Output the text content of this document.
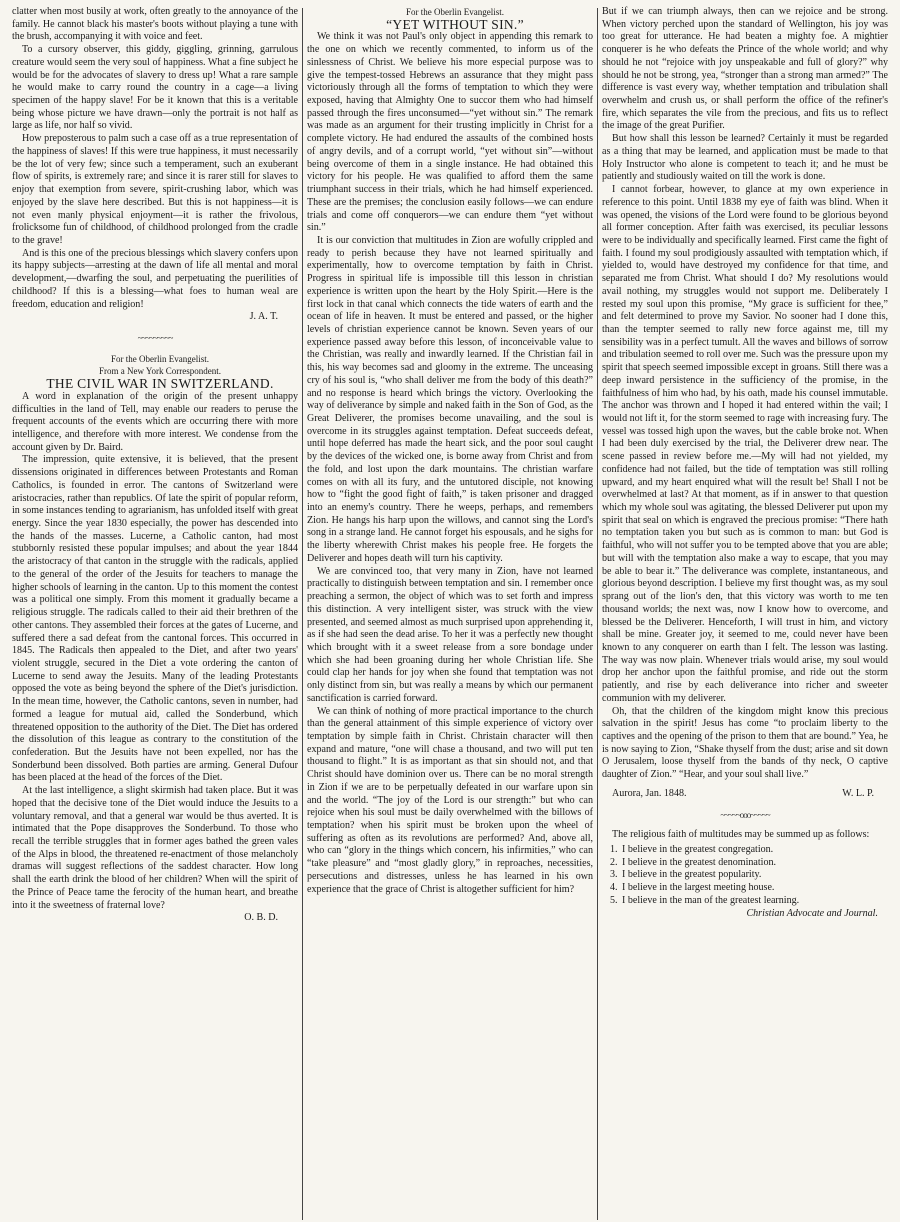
clatter when most busily at work, often greatly to the annoyance of the family. He cannot black his master's boots without playing a tune with the brush, accompanying it with voice and feet.

To a cursory observer, this giddy, giggling, grinning, garrulous creature would seem the very soul of happiness. What a fine subject he would be for the advocates of slavery to dress up! What a rare sample he would make to carry round the country in a cage—a living specimen of the happy slave! For be it known that this is a veritable being whose picture we have drawn—only the portrait is not half as large as life, nor half so vivid.

How preposterous to palm such a case off as a true representation of the happiness of slaves! If this were true happiness, it must necessarily be the lot of very few; since such a temperament, such an exuberant flow of spirits, is extremely rare; and since it is rarer still for slaves to enjoy that exemption from severe, spirit-crushing labor, which was enjoyed by the slave here described. But this is not happiness—it is not even manly physical enjoyment—it is rather the frivolous, frolicksome fun of childhood, of childhood prolonged from the cradle to the grave!

And is this one of the precious blessings which slavery confers upon its happy subjects—arresting at the dawn of life all mental and moral development,—dwarfing the soul, and perpetuating the puerilities of childhood? If this is a blessing—what foes to human weal are freedom, education and religion!

J. A. T.

~~~~~~~~~

For the Oberlin Evangelist.

From a New York Correspondent.

THE CIVIL WAR IN SWITZERLAND.

A word in explanation of the origin of the present unhappy difficulties in the land of Tell, may enable our readers to peruse the frequent accounts of the events which are occurring there with more intelligence, and therefore with more interest. We condense from the account given by Dr. Baird.

The impression, quite extensive, it is believed, that the present dissensions originated in differences between Protestants and Roman Catholics, is founded in error. The cantons of Switzerland were aristocracies, rather than republics. Of late the spirit of popular reform, in some instances tending to agrarianism, has unfolded itself with great energy. Since the year 1830 especially, the power has descended into the hands of the masses. Lucerne, a Catholic canton, had most stubbornly resisted these popular impulses; and about the year 1844 the aristocracy of that canton in the struggle with the radicals, applied to the general of the order of the Jesuits for teachers to manage the higher schools of learning in the canton. Up to this moment the contest was a political one simply. From this moment it gradually became a religious struggle. The radicals called to their aid their brethren of the other cantons. They assembled their forces at the gates of Lucerne, and suffered there a sad defeat from the cantonal forces. This occurred in 1845. The Radicals then appealed to the Diet, and after two years' violent struggle, secured in the Diet a vote ordering the canton of Lucerne to send away the Jesuits. Many of the leading Protestants opposed the vote as being beyond the sphere of the Diet's jurisdiction. In the mean time, however, the Catholic cantons, seven in number, had formed a league for mutual aid, called the Sonderbund, which threatened opposition to the authority of the Diet. The Diet has ordered the dissolution of this league as contrary to the constitution of the confederation. But the Jesuits have not been expelled, nor has the Sonderbund been dissolved. Both parties are arming. General Dufour has been placed at the head of the forces of the Diet.

At the last intelligence, a slight skirmish had taken place. But it was hoped that the decisive tone of the Diet would induce the Jesuits to a voluntary removal, and that a general war would be thus averted. It is intimated that the Pope disapproves the Sonderbund. To those who recall the terrible struggles that in former ages bathed the green vales of the Alps in blood, the threatened re-enactment of those melancholy dramas will suggest reflections of the saddest character. How long shall the earth drink the blood of her children? When will the spirit of the Prince of Peace tame the ferocity of the human heart, and breathe into it the sweetness of fraternal love?

O. B. D.

For the Oberlin Evangelist.

“YET WITHOUT SIN.”

We think it was not Paul's only object in appending this remark to the one on which we recently commented, to inform us of the sinlessness of Christ. We believe his more especial purpose was to give the tempest-tossed Hebrews an assurance that they might pass victoriously through all the forms of temptation to which they were exposed, having that Almighty One to succor them who had himself passed through the fires unconsumed—“yet without sin.” The remark was made as an argument for their trusting implicitly in Christ for a complete victory. He had endured the assaults of the combined hosts of angry devils, and of a corrupt world, “yet without sin”—without being overcome of them in a single instance. He had obtained this victory for his people. He was qualified to afford them the same triumphant success in their trials, which he had himself experienced. These are the premises; the conclusion easily follows—we can endure trials and come off conquerors—we can endure them “yet without sin.”

It is our conviction that multitudes in Zion are wofully crippled and ready to perish because they have not learned spiritually and experimentally, how to overcome temptation by faith in Christ. Progress in spiritual life is impossible till this lesson in christian experience is written upon the heart by the Holy Spirit.—Here is the first lock in that canal which connects the tide waters of earth and the ocean of life in heaven. It must be entered and passed, or the higher levels of christian experience cannot be known. Seven years of our experience passed away before this lesson, of inconceivable value to the Christian, was really and inwardly learned. If the Christian fail in this, his way becomes sad and gloomy in the extreme. The unceasing cry of his soul is, “who shall deliver me from the body of this death?” and no response is heard which brings the victory. Overlooking the way of deliverance by simple and naked faith in the Son of God, as the Great Deliverer, the promises become unavailing, and the soul is overcome in its struggles against temptation. Defeat succeeds defeat, until hope deferred has made the heart sick, and the poor soul caught by the devices of the wicked one, is borne away from Christ and from the fold, and lost upon the dark mountains. The christian warfare comes on with all its fury, and the untutored disciple, not knowing how to “fight the good fight of faith,” is taken prisoner and dragged into an enemy's country. There he weeps, perhaps, and remembers Zion. He hangs his harp upon the willows, and cannot sing the Lord's song in a strange land. He cannot forget his espousals, and he sighs for the liberty wherewith Christ makes his people free. He forgets the Deliverer and hopes death will turn his captivity.

We are convinced too, that very many in Zion, have not learned practically to distinguish between temptation and sin. I remember once preaching a sermon, the object of which was to set forth and impress this distinction. A very intelligent sister, was struck with the view presented, and seemed almost as much surprised upon apprehending it, as if she had seen the dead arise. To her it was a perfectly new thought which brought with it a sweet release from a sore bondage under which she had been groaning during her whole Christian life. She could clap her hands for joy when she found that temptation was not only distinct from sin, but was really a means by which our permanent sanctification is carried forward.

We can think of nothing of more practical importance to the church than the general attainment of this simple experience of victory over temptation by simple faith in Christ. Christain character will then expand and mature, “one will chase a thousand, and two will put ten thousand to flight.” It is as important as that sin should not, and that Christ should have dominion over us. There can be no moral strength in Zion if we are to be perpetually defeated in our warfare upon sin and the world. “The joy of the Lord is our strength:” but who can rejoice when his soul must be daily overwhelmed with the billows of temptation? when his spirit must be broken upon the wheel of suffering as often as its revolutions are performed? And, above all, who can “glory in the things which concern, his infirmities,” who can “take pleasure” and “most gladly glory,” in reproaches, necessities, persecutions and distresses, unless he has learned in his own experience that the grace of Christ is altogether sufficient for him?

But if we can triumph always, then can we rejoice and be strong. When victory perched upon the standard of Wellington, his joy was too great for utterance. He had beaten a mighty foe. A mightier conquerer is he who defeats the Prince of the whole world; and why should he not “rejoice with joy unspeakable and full of glory?” why should he not be strong, yea, “stronger than a strong man armed?” The difference is vast every way, whether temptation and tribulation shall overwhelm and crush us, or shall perform the office of the refiner's fire, which separates the vile from the precious, and fits us to reflect the image of the great Purifier.

But how shall this lesson be learned? Certainly it must be regarded as a thing that may be learned, and application must be made to that Holy Instructor who alone is competent to teach it; and he must be patiently and studiously waited on till the work is done.

I cannot forbear, however, to glance at my own experience in reference to this point. Until 1838 my eye of faith was blind. When it was opened, the visions of the Lord were found to be glorious beyond all former conception. After faith was exercised, its peculiar lessons were to be individually and specifically learned. First came the fight of faith. I found my soul prodigiously assaulted with temptation which, if yielded to, would have destroyed my confidence for that time, and separated me from Christ. What should I do? My resolutions would avail nothing, my struggles would not support me. Deliberately I rested my soul upon this promise, “My grace is sufficient for thee,” and felt determined to prove my Savior. No sooner had I done this, than the tempter seemed to rally new force against me, till my sensibility was in a perfect tumult. All the waves and billows of sorrow and tribulation seemed to roll over me. Such was the pressure upon my spirit that speech seemed impossible except in groans. Still there was a deep inward persistence in the sufficiency of the promise, in the faithfulness of him who had, by his oath, made his counsel immutable. The anchor was thrown and I hoped it had entered within the vail; I would not lift it, for the storm seemed to rage with increasing fury. The vessel was tossed high upon the waves, but the cable broke not. When I had been duly exercised by the trial, the Deliverer drew near. The scene passed in review before me.—My will had not yielded, my confidence had not failed, but the tide of temptation was still rolling upward, and my heart enquired what will the result be! Shall I not be overwhelmed at last? At that moment, as if in answer to that question which my whole soul was agitating, the blessed Deliverer put upon my spirit that seal on which is engraved the precious promise: “There hath no temptation taken you but such as is common to man: but God is faithful, who will not suffer you to be tempted above that you are able; but will with the temptation also make a way to escape, that you may be able to bear it.” The deliverance was complete, instantaneous, and glorious beyond description. I believe my first thought was, as my soul sprang out of the lion's den, that this victory was worth to me ten thousand worlds; the next was, now I know how to overcome, and blessed be the Deliverer. Henceforth, I will trust in him, and victory shall be mine. Greater joy, it seemed to me, could never have been known to any conquerer on earth than I felt. The lesson was lasting. The way was now plain. Whenever trials would arise, my soul would drop her anchor upon the faithful promise, and ride out the storm patiently, and rise by each deliverance into richer and sweeter communion with my deliverer.

Oh, that the children of the kingdom might know this precious salvation in the spirit! Jesus has come “to proclaim liberty to the captives and the opening of the prison to them that are bound.” Yea, he is now saying to Zion, “Shake thyself from the dust; arise and sit down O Jerusalem, loose thyself from the bands of thy neck, O captive daughter of Zion.” “Hear, and your soul shall live.”

Aurora, Jan. 1848.	W. L. P.
~~~~~ooo~~~~~

The religious faith of multitudes may be summed up as follows:

1. I believe in the greatest congregation.
2. I believe in the greatest denomination.
3. I believe in the greatest popularity.
4. I believe in the largest meeting house.
5. I believe in the man of the greatest learning.

Christian Advocate and Journal.
